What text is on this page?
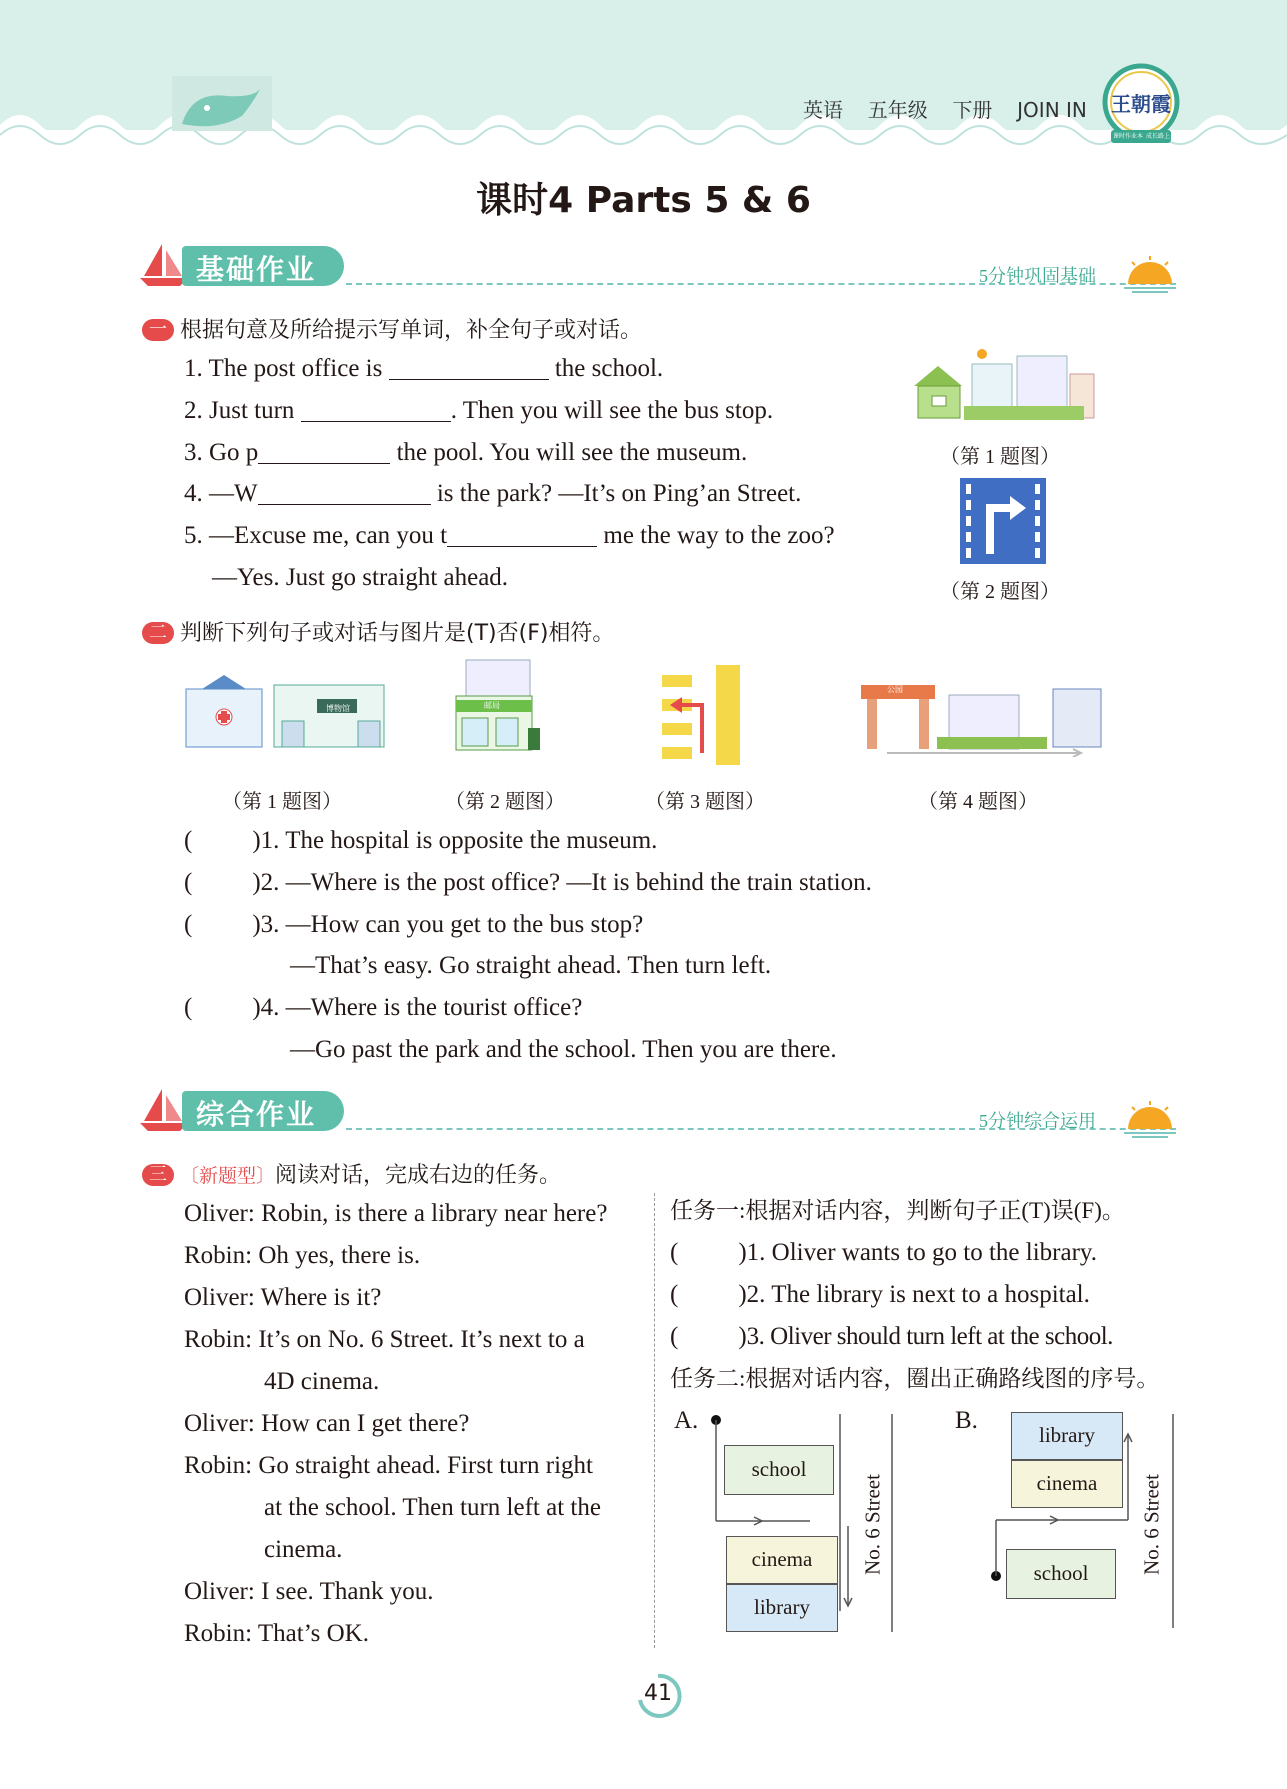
英语 五年级 下册 JOIN IN 王朝霞
课时作业本 成长路上
课时4 Parts 5 & 6
基础作业	5分钟巩固基础
一 根据句意及所给提示写单词，补全句子或对话。
1. The post office is	the school.
2. Just turn	. Then you will see the bus stop.
3. Go p	the pool. You will see the museum.
4. —W	is the park? —It’s on Ping’an Street.
5. —Excuse me, can you t	me the way to the zoo?
—Yes. Just go straight ahead.
（第 1 题图）
（第 2 题图）
二 判断下列句子或对话与图片是(T)否(F)相符。
博物馆
（第 1 题图）
邮局
（第 2 题图）	（第 3 题图）
公园
（第 4 题图）
( )1. The hospital is opposite the museum.
( )2. —Where is the post office? —It is behind the train station.
( )3. —How can you get to the bus stop?
—That’s easy. Go straight ahead. Then turn left.
( )4. —Where is the tourist office?
—Go past the park and the school. Then you are there.
综合作业	5分钟综合运用
三 〔新题型〕阅读对话，完成右边的任务。
Oliver: Robin, is there a library near here?
Robin: Oh yes, there is.
Oliver: Where is it?
Robin: It’s on No. 6 Street. It’s next to a
4D cinema.
Oliver: How can I get there?
Robin: Go straight ahead. First turn right
at the school. Then turn left at the
cinema.
Oliver: I see. Thank you.
Robin: That’s OK.
任务一:根据对话内容，判断句子正(T)误(F)。
( )1. Oliver wants to go to the library.
( )2. The library is next to a hospital.
( )3. Oliver should turn left at the school.
任务二:根据对话内容，圈出正确路线图的序号。
A.
school
cinema
library
No. 6 Street
B.
library
cinema
school	No. 6 Street
41
